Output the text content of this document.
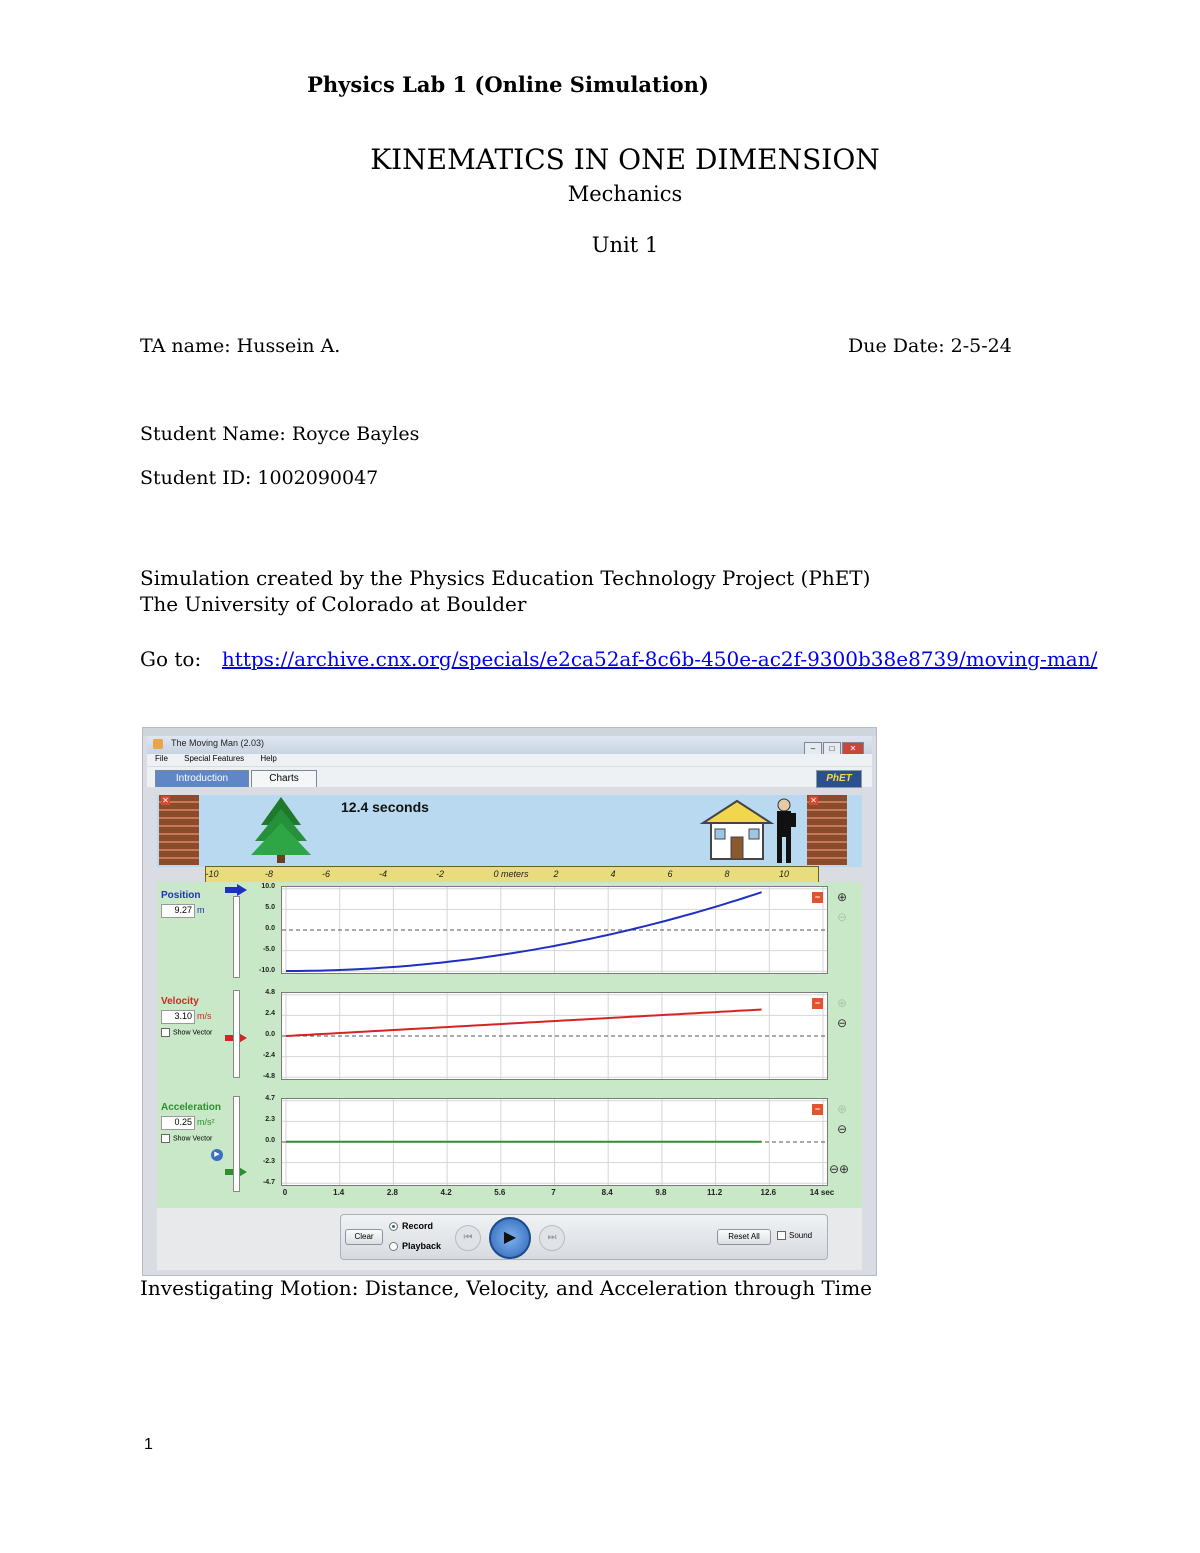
Physics Lab 1 (Online Simulation)
KINEMATICS IN ONE DIMENSION
Mechanics
Unit 1
TA name: Hussein A.	Due Date: 2-5-24
Student Name: Royce Bayles
Student ID: 1002090047
Simulation created by the Physics Education Technology Project (PhET)
The University of Colorado at Boulder
Go to: https://archive.cnx.org/specials/e2ca52af-8c6b-450e-ac2f-9300b38e8739/moving-man/
The Moving Man (2.03)
– □ ✕
File Special Features Help
Introduction	Charts	PhET
✕	✕
12.4 seconds
-10	-8	-6	-4	-2	0 meters	2	4	6	8	10
Position
9.27 m
10.0
5.0
0.0
-5.0
-10.0
− ⊕
⊖
Velocity
3.10 m/s
Show Vector
4.8
2.4
0.0
-2.4
-4.8
− ⊕
⊖
Acceleration
0.25 m/s²
Show Vector
▶
4.7
2.3
0.0
-2.3
-4.7
− ⊕
⊖
⊖⊕
0	1.4	2.8	4.2	5.6	7	8.4	9.8	11.2	12.6	14 sec
Clear
Record
Playback
⏮	▶	⏭	Reset All	Sound
Investigating Motion: Distance, Velocity, and Acceleration through Time
1
